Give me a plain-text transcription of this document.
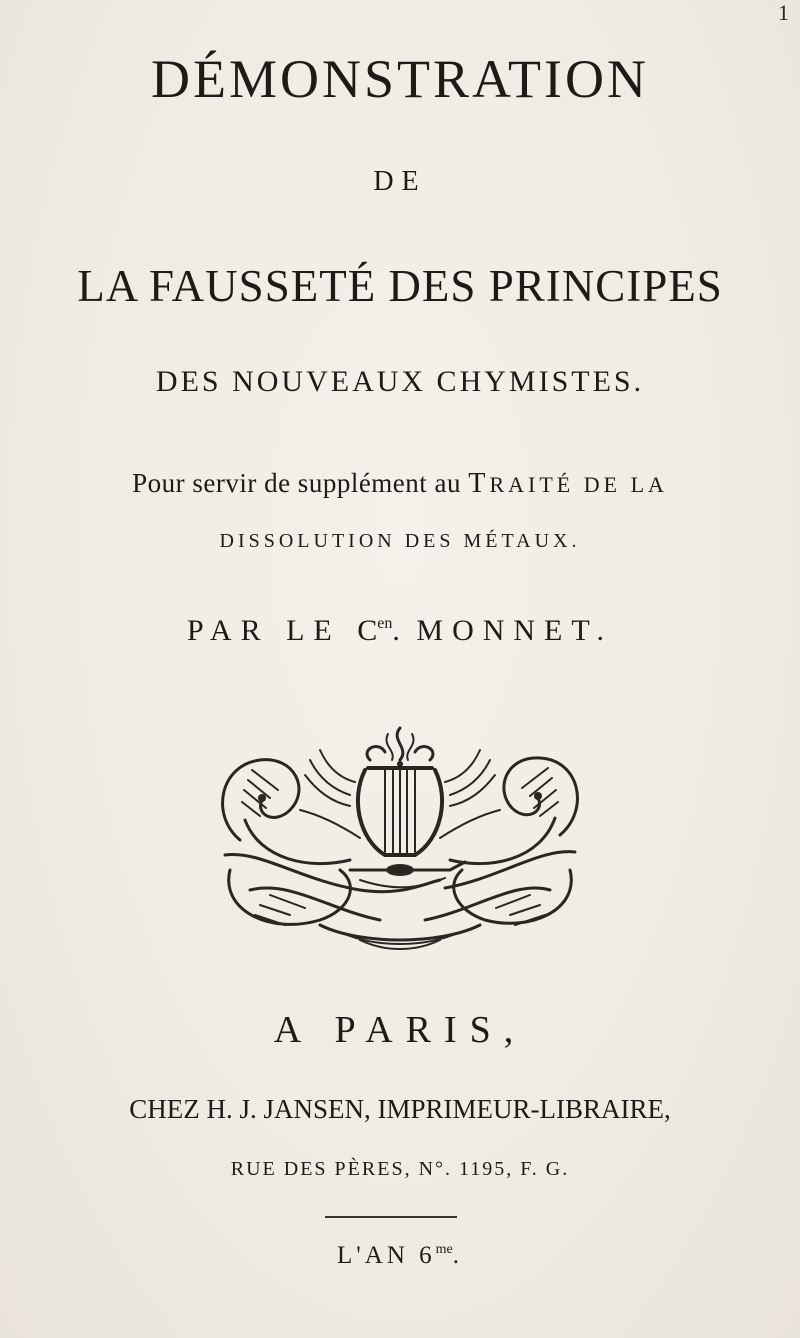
1
DÉMONSTRATION
DE
LA FAUSSETÉ DES PRINCIPES
DES NOUVEAUX CHYMISTES.
Pour servir de supplément au TRAITÉ DE LA
DISSOLUTION DES MÉTAUX.
PAR LE $C^{en}$. MONNET.
A PARIS,
CHEZ H. J. JANSEN, IMPRIMEUR-LIBRAIRE,
RUE DES PÈRES, N°. 1195, F. G.
L'AN $6^{me}$.
